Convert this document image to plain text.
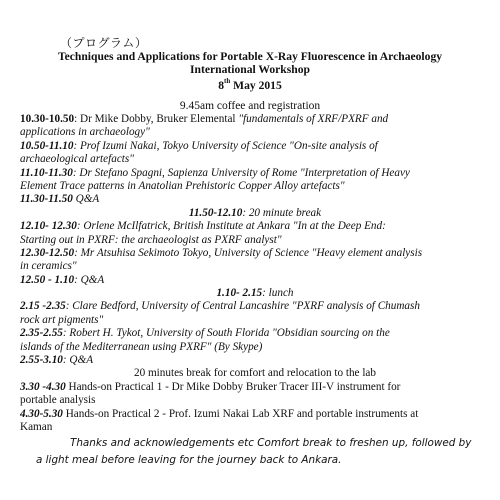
（プログラム）
Techniques and Applications for Portable X-Ray Fluorescence in Archaeology
International Workshop
8th May 2015
9.45am coffee and registration
10.30-10.50: Dr Mike Dobby, Bruker Elemental "fundamentals of XRF/PXRF and
applications in archaeology"
10.50-11.10: Prof Izumi Nakai, Tokyo University of Science "On-site analysis of
archaeological artefacts"
11.10-11.30: Dr Stefano Spagni, Sapienza University of Rome "Interpretation of Heavy
Element Trace patterns in Anatolian Prehistoric Copper Alloy artefacts"
11.30-11.50 Q&A
11.50-12.10: 20 minute break
12.10- 12.30: Orlene McIlfatrick, British Institute at Ankara "In at the Deep End:
Starting out in PXRF: the archaeologist as PXRF analyst"
12.30-12.50: Mr Atsuhisa Sekimoto Tokyo, University of Science "Heavy element analysis
in ceramics"
12.50 - 1.10: Q&A
1.10- 2.15: lunch
2.15 -2.35: Clare Bedford, University of Central Lancashire "PXRF analysis of Chumash
rock art pigments"
2.35-2.55: Robert H. Tykot, University of South Florida "Obsidian sourcing on the
islands of the Mediterranean using PXRF" (By Skype)
2.55-3.10: Q&A
20 minutes break for comfort and relocation to the lab
3.30 -4.30 Hands-on Practical 1 - Dr Mike Dobby Bruker Tracer III-V instrument for
portable analysis
4.30-5.30 Hands-on Practical 2 - Prof. Izumi Nakai Lab XRF and portable instruments at
Kaman
Thanks and acknowledgements etc Comfort break to freshen up, followed by a light meal before leaving for the journey back to Ankara.
